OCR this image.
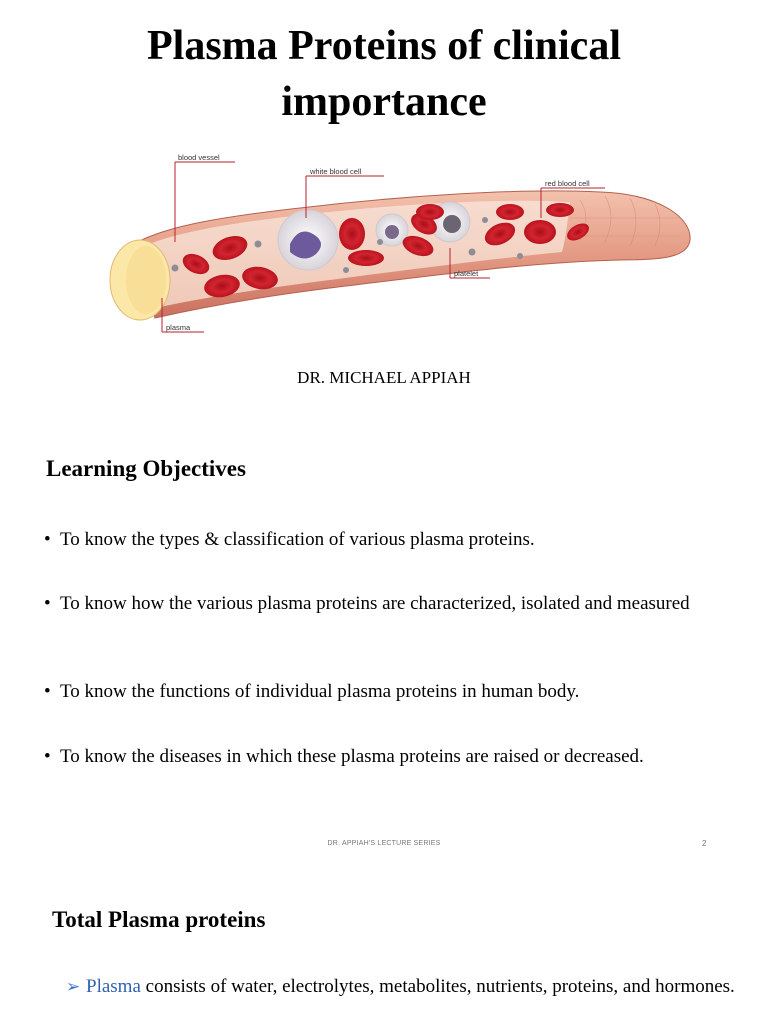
Plasma Proteins of clinical
importance
blood vessel
white blood cell
red blood cell
platelet
plasma
DR. MICHAEL APPIAH
Learning Objectives
• To know the types & classification of various plasma proteins.
• To know how the various plasma proteins are characterized, isolated and measured
• To know the functions of individual plasma proteins in human body.
• To know the diseases in which these plasma proteins are raised or decreased.
DR. APPIAH'S LECTURE SERIES	2
Total Plasma proteins
➢ Plasma consists of water, electrolytes, metabolites, nutrients, proteins, and hormones.
